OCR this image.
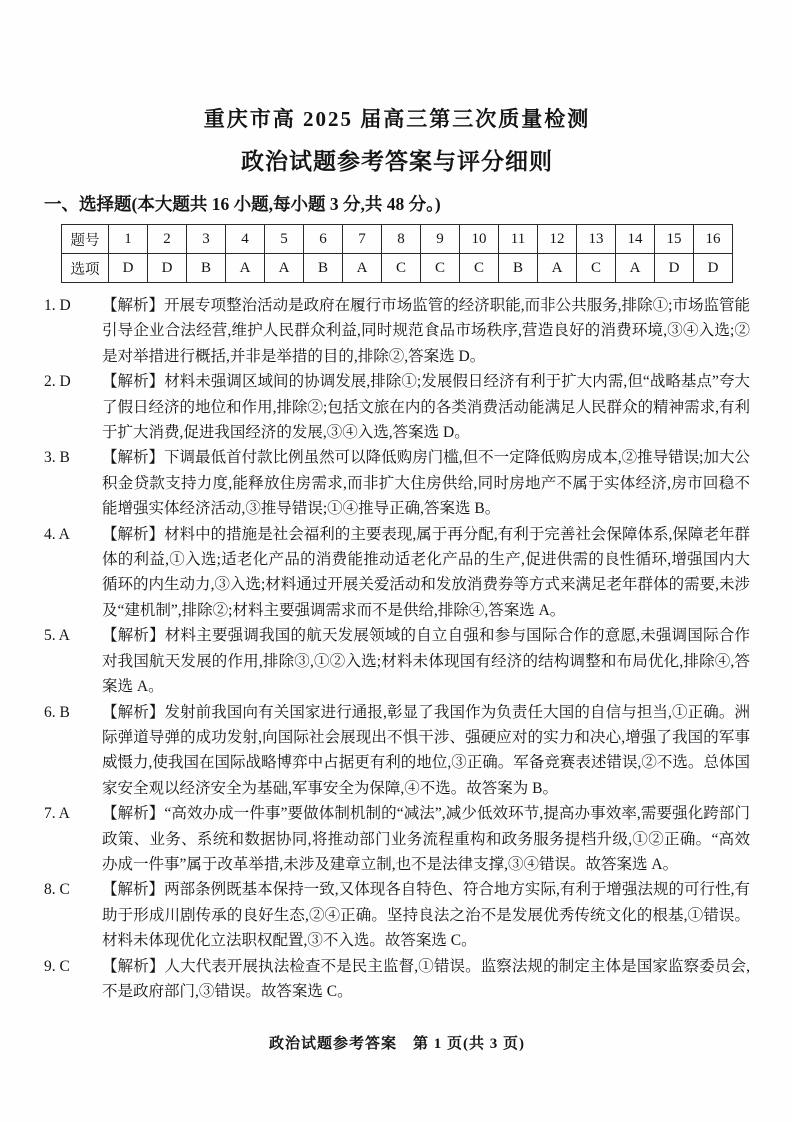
重庆市高 2025 届高三第三次质量检测
政治试题参考答案与评分细则
一、选择题(本大题共 16 小题,每小题 3 分,共 48 分。)
题号	1	2	3	4	5	6	7	8	9	10	11	12	13	14	15	16
选项	D	D	B	A	A	B	A	C	C	C	B	A	C	A	D	D
1. D	【解析】开展专项整治活动是政府在履行市场监管的经济职能,而非公共服务,排除①;市场监管能引导企业合法经营,维护人民群众利益,同时规范食品市场秩序,营造良好的消费环境,③④入选;②是对举措进行概括,并非是举措的目的,排除②,答案选 D。
2. D	【解析】材料未强调区域间的协调发展,排除①;发展假日经济有利于扩大内需,但“战略基点”夸大了假日经济的地位和作用,排除②;包括文旅在内的各类消费活动能满足人民群众的精神需求,有利于扩大消费,促进我国经济的发展,③④入选,答案选 D。
3. B	【解析】下调最低首付款比例虽然可以降低购房门槛,但不一定降低购房成本,②推导错误;加大公积金贷款支持力度,能释放住房需求,而非扩大住房供给,同时房地产不属于实体经济,房市回稳不能增强实体经济活动,③推导错误;①④推导正确,答案选 B。
4. A	【解析】材料中的措施是社会福利的主要表现,属于再分配,有利于完善社会保障体系,保障老年群体的利益,①入选;适老化产品的消费能推动适老化产品的生产,促进供需的良性循环,增强国内大循环的内生动力,③入选;材料通过开展关爱活动和发放消费券等方式来满足老年群体的需要,未涉及“建机制”,排除②;材料主要强调需求而不是供给,排除④,答案选 A。
5. A	【解析】材料主要强调我国的航天发展领域的自立自强和参与国际合作的意愿,未强调国际合作对我国航天发展的作用,排除③,①②入选;材料未体现国有经济的结构调整和布局优化,排除④,答案选 A。
6. B	【解析】发射前我国向有关国家进行通报,彰显了我国作为负责任大国的自信与担当,①正确。洲际弹道导弹的成功发射,向国际社会展现出不惧干涉、强硬应对的实力和决心,增强了我国的军事威慑力,使我国在国际战略博弈中占据更有利的地位,③正确。军备竞赛表述错误,②不选。总体国家安全观以经济安全为基础,军事安全为保障,④不选。故答案为 B。
7. A	【解析】“高效办成一件事”要做体制机制的“减法”,减少低效环节,提高办事效率,需要强化跨部门政策、业务、系统和数据协同,将推动部门业务流程重构和政务服务提档升级,①②正确。“高效办成一件事”属于改革举措,未涉及建章立制,也不是法律支撑,③④错误。故答案选 A。
8. C	【解析】两部条例既基本保持一致,又体现各自特色、符合地方实际,有利于增强法规的可行性,有助于形成川剧传承的良好生态,②④正确。坚持良法之治不是发展优秀传统文化的根基,①错误。材料未体现优化立法职权配置,③不入选。故答案选 C。
9. C	【解析】人大代表开展执法检查不是民主监督,①错误。监察法规的制定主体是国家监察委员会,不是政府部门,③错误。故答案选 C。
政治试题参考答案　第 1 页(共 3 页)
